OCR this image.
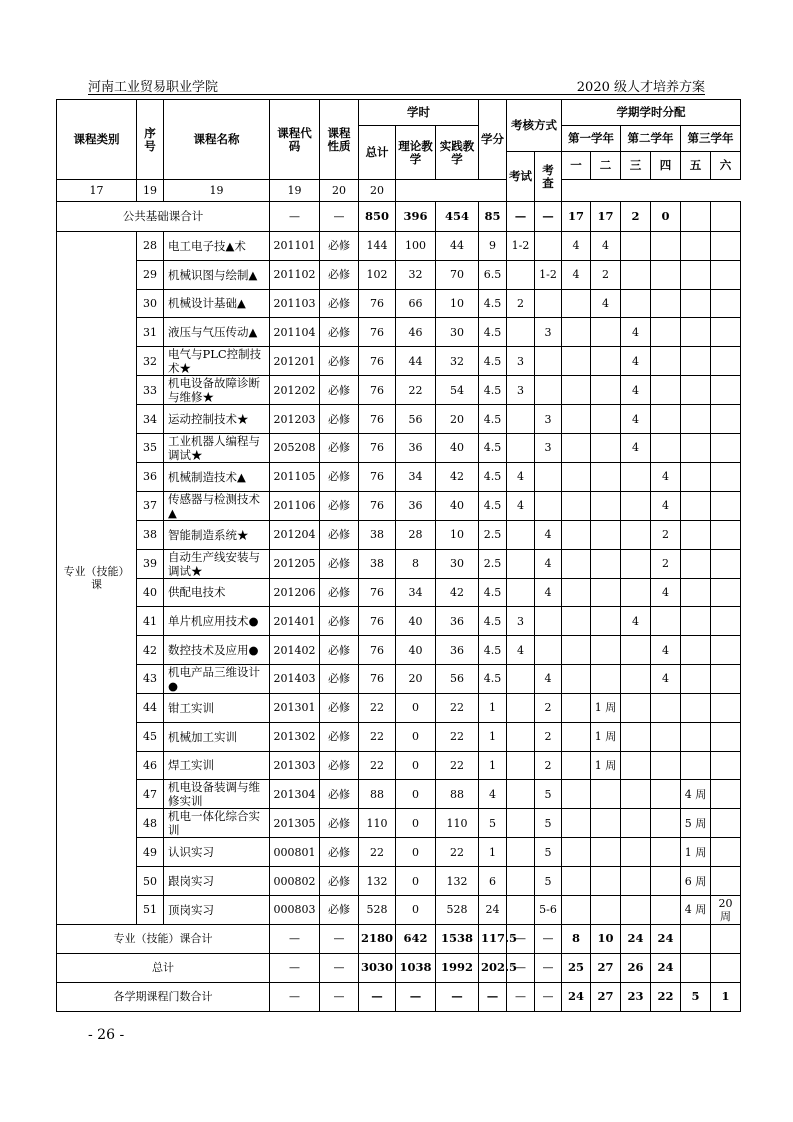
河南工业贸易职业学院	2020 级人才培养方案
课程类别	序号	课程名称	课程代码	课程性质	学时			学分	考核方式		学期学时分配					
					总计	理论教学	实践教学				第一学年		第二学年		第三学年	
									考试	考查	一	二	三	四	五	六
17	19	19	19	20	20											
公共基础课合计			—	—	850	396	454	85	—	—	17	17	2	0		
专业（技能）课	28	电工电子技▲术	201101	必修	144	100	44	9	1-2		4	4				
	29	机械识图与绘制▲	201102	必修	102	32	70	6.5		1-2	4	2				
	30	机械设计基础▲	201103	必修	76	66	10	4.5	2			4				
	31	液压与气压传动▲	201104	必修	76	46	30	4.5		3			4			
	32	电气与PLC控制技术★	201201	必修	76	44	32	4.5	3				4			
	33	机电设备故障诊断与维修★	201202	必修	76	22	54	4.5	3				4			
	34	运动控制技术★	201203	必修	76	56	20	4.5		3			4			
	35	工业机器人编程与调试★	205208	必修	76	36	40	4.5		3			4			
	36	机械制造技术▲	201105	必修	76	34	42	4.5	4					4		
	37	传感器与检测技术▲	201106	必修	76	36	40	4.5	4					4		
	38	智能制造系统★	201204	必修	38	28	10	2.5		4				2		
	39	自动生产线安装与调试★	201205	必修	38	8	30	2.5		4				2		
	40	供配电技术	201206	必修	76	34	42	4.5		4				4		
	41	单片机应用技术●	201401	必修	76	40	36	4.5	3				4			
	42	数控技术及应用●	201402	必修	76	40	36	4.5	4					4		
	43	机电产品三维设计●	201403	必修	76	20	56	4.5		4				4		
	44	钳工实训	201301	必修	22	0	22	1		2		1 周				
	45	机械加工实训	201302	必修	22	0	22	1		2		1 周				
	46	焊工实训	201303	必修	22	0	22	1		2		1 周				
	47	机电设备装调与维修实训	201304	必修	88	0	88	4		5					4 周	
	48	机电一体化综合实训	201305	必修	110	0	110	5		5					5 周	
	49	认识实习	000801	必修	22	0	22	1		5					1 周	
	50	跟岗实习	000802	必修	132	0	132	6		5					6 周	
	51	顶岗实习	000803	必修	528	0	528	24		5-6					4 周	20 周
专业（技能）课合计			—	—	2180	642	1538	117.5	—	—	8	10	24	24		
总计			—	—	3030	1038	1992	202.5	—	—	25	27	26	24		
各学期课程门数合计			—	—	—	—	—	—	—	—	24	27	23	22	5	1
- 26 -
